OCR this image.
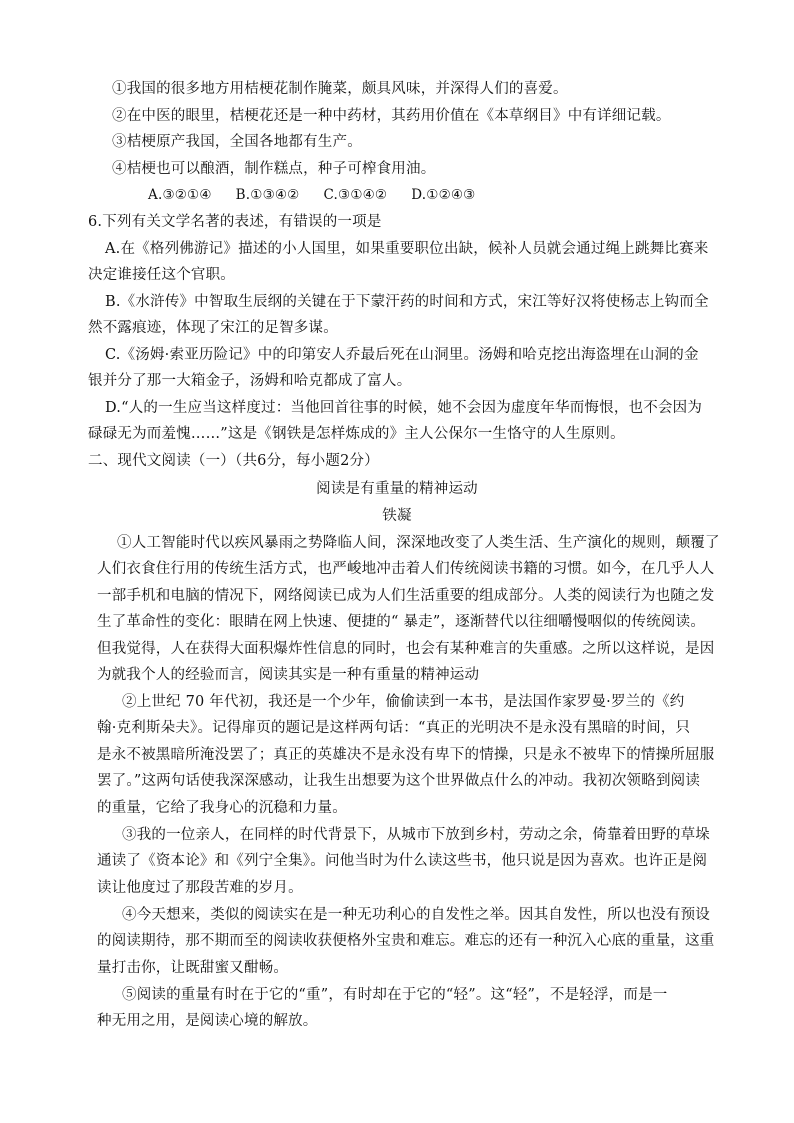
①我国的很多地方用桔梗花制作腌菜，颇具风味，并深得人们的喜爱。

②在中医的眼里，桔梗花还是一种中药材，其药用价值在《本草纲目》中有详细记载。

③桔梗原产我国，全国各地都有生产。

④桔梗也可以酿酒，制作糕点，种子可榨食用油。

A.③②①④ B.①③④② C.③①④② D.①②④③

6.下列有关文学名著的表述，有错误的一项是

A.在《格列佛游记》描述的小人国里，如果重要职位出缺，候补人员就会通过绳上跳舞比赛来

决定谁接任这个官职。

B.《水浒传》中智取生辰纲的关键在于下蒙汗药的时间和方式，宋江等好汉将使杨志上钩而全

然不露痕迹，体现了宋江的足智多谋。

C.《汤姆·索亚历险记》中的印第安人乔最后死在山洞里。汤姆和哈克挖出海盗埋在山洞的金

银并分了那一大箱金子，汤姆和哈克都成了富人。

D.“人的一生应当这样度过：当他回首往事的时候，她不会因为虚度年华而悔恨，也不会因为

碌碌无为而羞愧……”这是《钢铁是怎样炼成的》主人公保尔一生恪守的人生原则。

二、现代文阅读（一）（共6分，每小题2分）

阅读是有重量的精神运动

铁凝

①人工智能时代以疾风暴雨之势降临人间，深深地改变了人类生活、生产演化的规则，颠覆了

人们衣食住行用的传统生活方式，也严峻地冲击着人们传统阅读书籍的习惯。如今，在几乎人人

一部手机和电脑的情况下，网络阅读已成为人们生活重要的组成部分。人类的阅读行为也随之发

生了革命性的变化：眼睛在网上快速、便捷的“ 暴走”，逐渐替代以往细嚼慢咽似的传统阅读。

但我觉得，人在获得大面积爆炸性信息的同时，也会有某种难言的失重感。之所以这样说，是因

为就我个人的经验而言，阅读其实是一种有重量的精神运动

②上世纪 70 年代初，我还是一个少年，偷偷读到一本书，是法国作家罗曼·罗兰的《约

翰·克利斯朵夫》。记得扉页的题记是这样两句话：“真正的光明决不是永没有黑暗的时间，只

是永不被黑暗所淹没罢了；真正的英雄决不是永没有卑下的情操，只是永不被卑下的情操所屈服

罢了。”这两句话使我深深感动，让我生出想要为这个世界做点什么的冲动。我初次领略到阅读

的重量，它给了我身心的沉稳和力量。

③我的一位亲人，在同样的时代背景下，从城市下放到乡村，劳动之余，倚靠着田野的草垛

通读了《资本论》和《列宁全集》。问他当时为什么读这些书，他只说是因为喜欢。也许正是阅

读让他度过了那段苦难的岁月。

④今天想来，类似的阅读实在是一种无功利心的自发性之举。因其自发性，所以也没有预设

的阅读期待，那不期而至的阅读收获便格外宝贵和难忘。难忘的还有一种沉入心底的重量，这重

量打击你，让既甜蜜又酣畅。

⑤阅读的重量有时在于它的“重”，有时却在于它的“轻”。这“轻”，不是轻浮，而是一

种无用之用，是阅读心境的解放。
